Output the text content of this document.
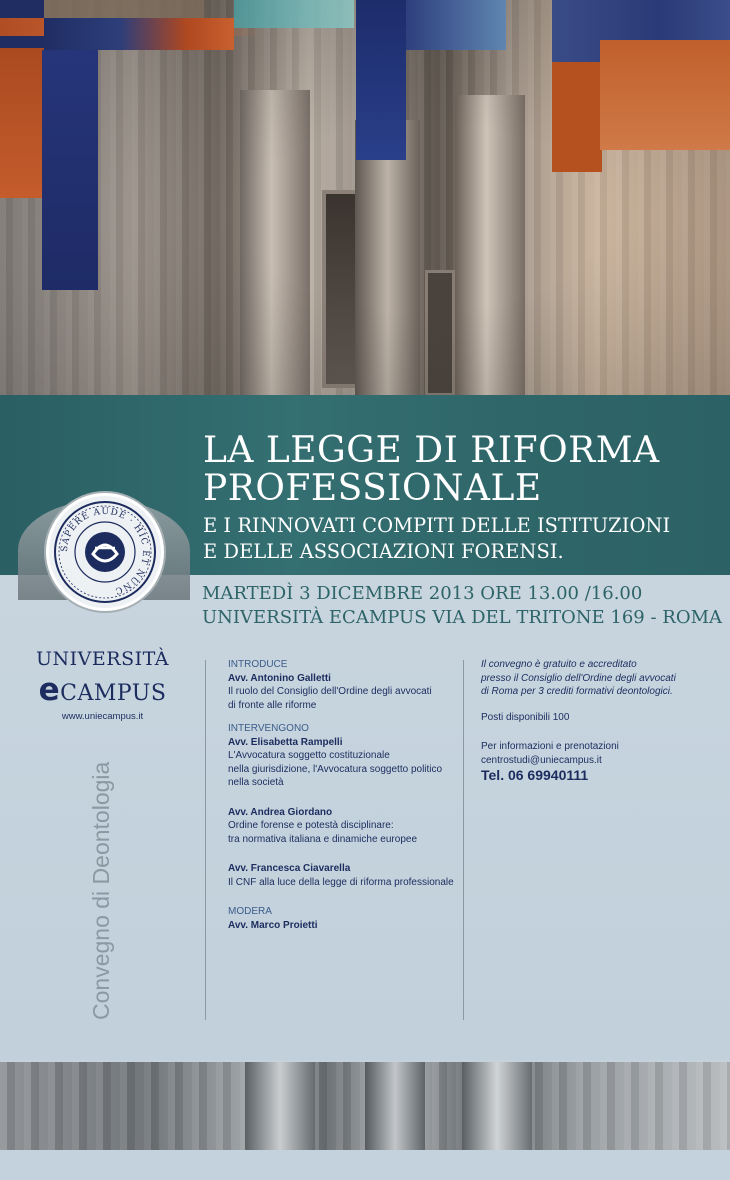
LA LEGGE DI RIFORMA
PROFESSIONALE
E I RINNOVATI COMPITI DELLE ISTITUZIONI
E DELLE ASSOCIAZIONI FORENSI.
SAPERE AUDE · HIC ET NUNC	MARTEDÌ 3 DICEMBRE 2013 ORE 13.00 /16.00
UNIVERSITÀ ECAMPUS VIA DEL TRITONE 169 - ROMA
UNIVERSITÀ
eCAMPUS
www.uniecampus.it
Convegno di Deontologia
INTRODUCE
Avv. Antonino Galletti
Il ruolo del Consiglio dell'Ordine degli avvocati
di fronte alle riforme
INTERVENGONO
Avv. Elisabetta Rampelli
L'Avvocatura soggetto costituzionale
nella giurisdizione, l'Avvocatura soggetto politico
nella società
Avv. Andrea Giordano
Ordine forense e potestà disciplinare:
tra normativa italiana e dinamiche europee
Avv. Francesca Ciavarella
Il CNF alla luce della legge di riforma professionale
MODERA
Avv. Marco Proietti
Il convegno è gratuito e accreditato
presso il Consiglio dell'Ordine degli avvocati
di Roma per 3 crediti formativi deontologici.
Posti disponibili 100
Per informazioni e prenotazioni
centrostudi@uniecampus.it
Tel. 06 69940111
